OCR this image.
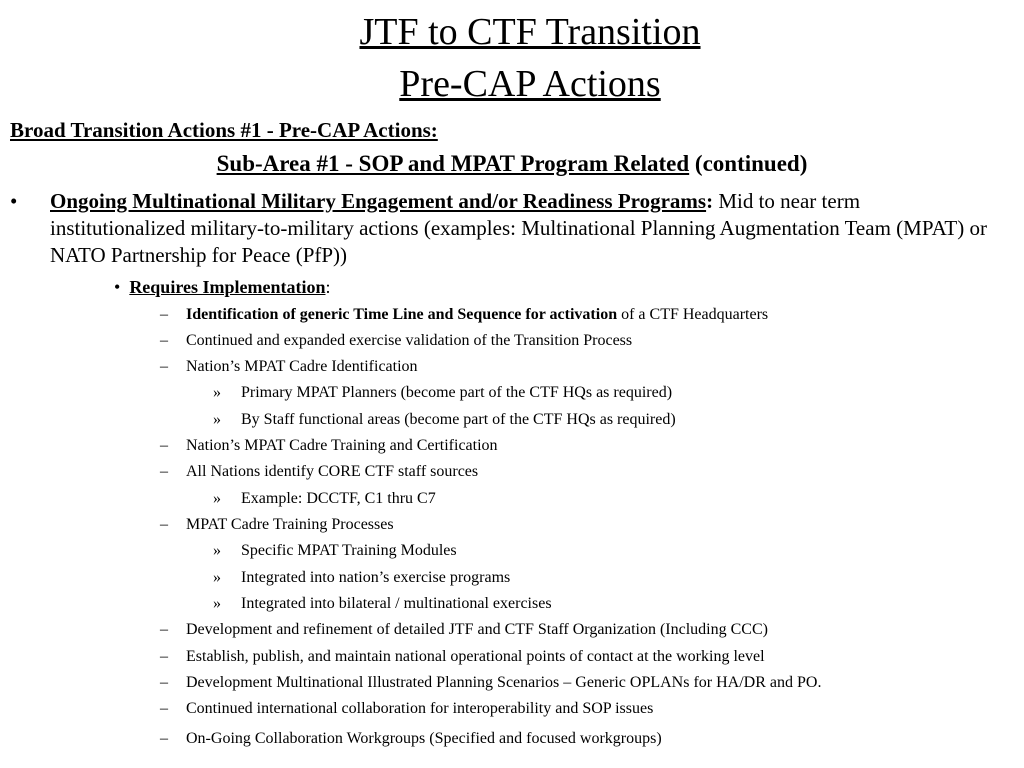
JTF to CTF Transition
Pre-CAP Actions
Broad Transition Actions #1 - Pre-CAP Actions:
Sub-Area #1 - SOP and MPAT Program Related (continued)
• Ongoing Multinational Military Engagement and/or Readiness Programs: Mid to near term institutionalized military-to-military actions (examples: Multinational Planning Augmentation Team (MPAT) or NATO Partnership for Peace (PfP))
• Requires Implementation:
– Identification of generic Time Line and Sequence for activation of a CTF Headquarters
– Continued and expanded exercise validation of the Transition Process
– Nation’s MPAT Cadre Identification
» Primary MPAT Planners (become part of the CTF HQs as required)
» By Staff functional areas (become part of the CTF HQs as required)
– Nation’s MPAT Cadre Training and Certification
– All Nations identify CORE CTF staff sources
» Example: DCCTF, C1 thru C7
– MPAT Cadre Training Processes
» Specific MPAT Training Modules
» Integrated into nation’s exercise programs
» Integrated into bilateral / multinational exercises
– Development and refinement of detailed JTF and CTF Staff Organization (Including CCC)
– Establish, publish, and maintain national operational points of contact at the working level
– Development Multinational Illustrated Planning Scenarios – Generic OPLANs for HA/DR and PO.
– Continued international collaboration for interoperability and SOP issues
– On-Going Collaboration Workgroups (Specified and focused workgroups)
